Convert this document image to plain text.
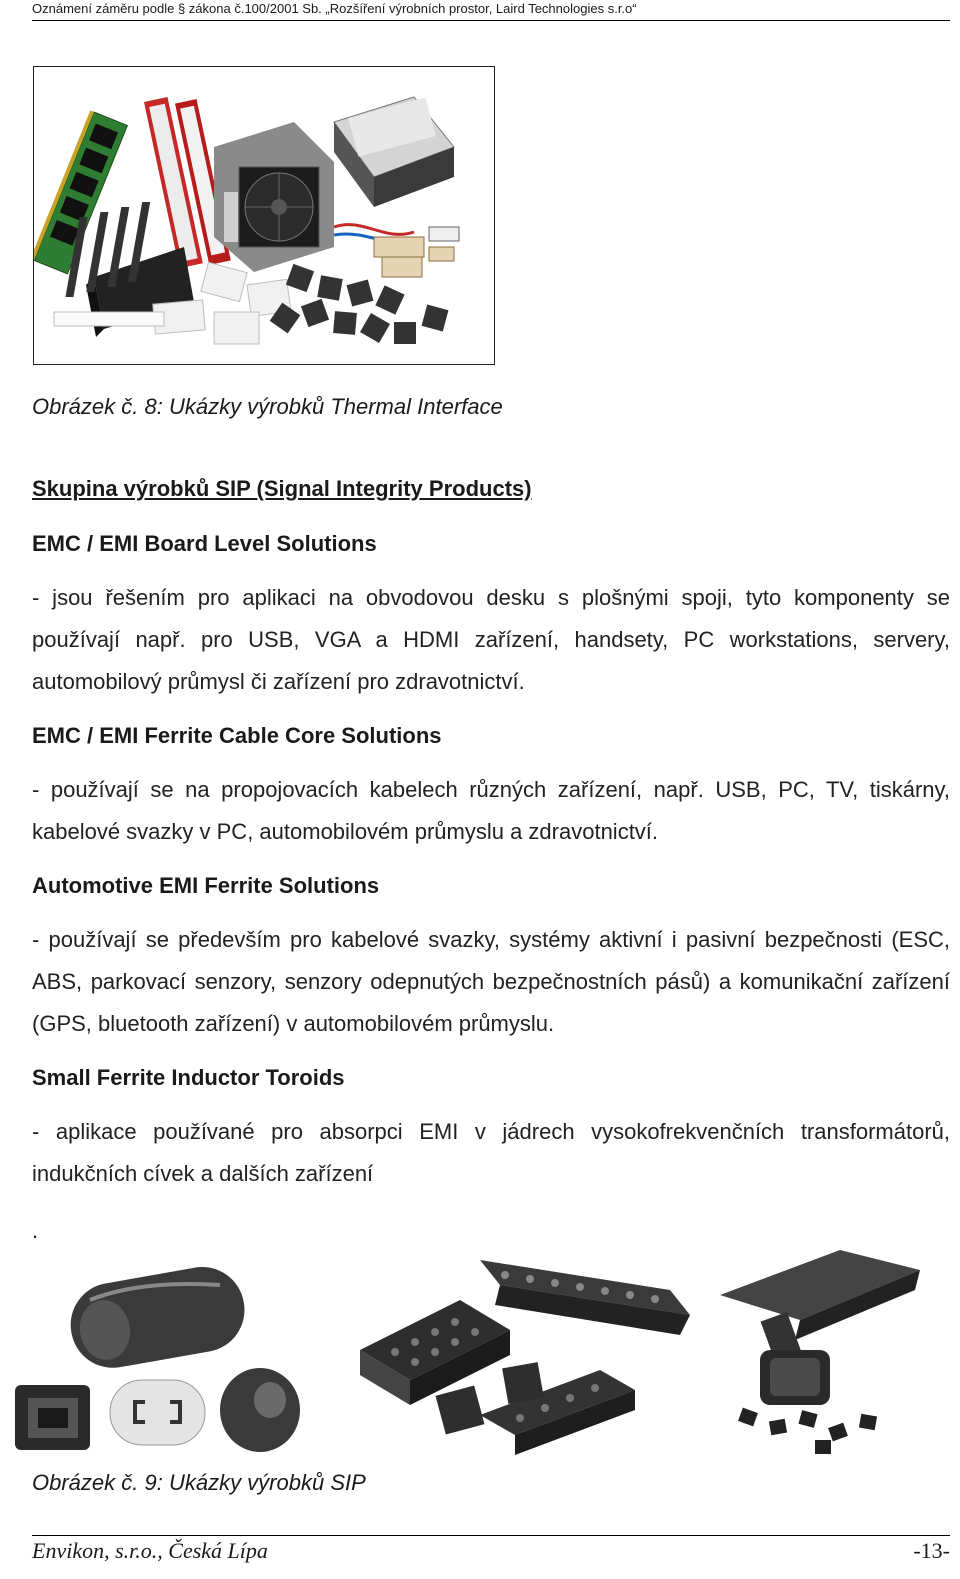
Oznámení záměru podle § zákona č.100/2001 Sb. „Rozšíření výrobních prostor, Laird Technologies s.r.o“
Obrázek č. 8: Ukázky výrobků Thermal Interface
Skupina výrobků SIP (Signal Integrity Products)
EMC / EMI Board Level Solutions
- jsou řešením pro aplikaci na obvodovou desku s plošnými spoji, tyto komponenty se používají např. pro USB, VGA a HDMI zařízení, handsety, PC workstations, servery, automobilový průmysl či zařízení pro zdravotnictví.
EMC / EMI Ferrite Cable Core Solutions
- používají se na propojovacích kabelech různých zařízení, např. USB, PC, TV, tiskárny, kabelové svazky v PC, automobilovém průmyslu a zdravotnictví.
Automotive EMI Ferrite Solutions
- používají se především pro kabelové svazky, systémy aktivní i pasivní bezpečnosti (ESC, ABS, parkovací senzory, senzory odepnutých bezpečnostních pásů) a komunikační zařízení (GPS, bluetooth zařízení) v automobilovém průmyslu.
Small Ferrite Inductor Toroids
- aplikace používané pro absorpci EMI v jádrech vysokofrekvenčních transformátorů, indukčních cívek a dalších zařízení
.
Obrázek č. 9: Ukázky výrobků SIP
Envikon, s.r.o., Česká Lípa	-13-
